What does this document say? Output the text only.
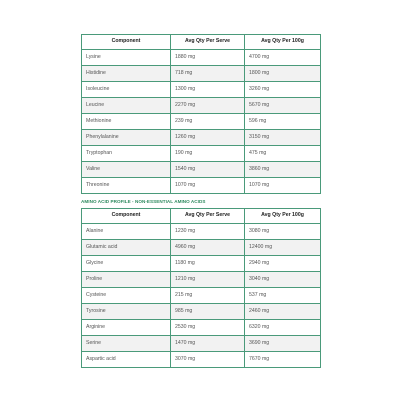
Component	Avg Qty Per Serve	Avg Qty Per 100g
Lysine	1880 mg	4700 mg
Histidine	718 mg	1800 mg
Isoleucine	1300 mg	3260 mg
Leucine	2270 mg	5670 mg
Methionine	239 mg	596 mg
Phenylalanine	1260 mg	3150 mg
Tryptophan	190 mg	475 mg
Valine	1540 mg	3860 mg
Threonine	1070 mg	1070 mg
AMINO ACID PROFILE - NON-ESSENTIAL AMINO ACIDS
Component	Avg Qty Per Serve	Avg Qty Per 100g
Alanine	1230 mg	3080 mg
Glutamic acid	4960 mg	12400 mg
Glycine	1180 mg	2940 mg
Proline	1210 mg	3040 mg
Cysteine	215 mg	537 mg
Tyrosine	985 mg	2460 mg
Arginine	2530 mg	6320 mg
Serine	1470 mg	3690 mg
Aspartic acid	3070 mg	7670 mg
